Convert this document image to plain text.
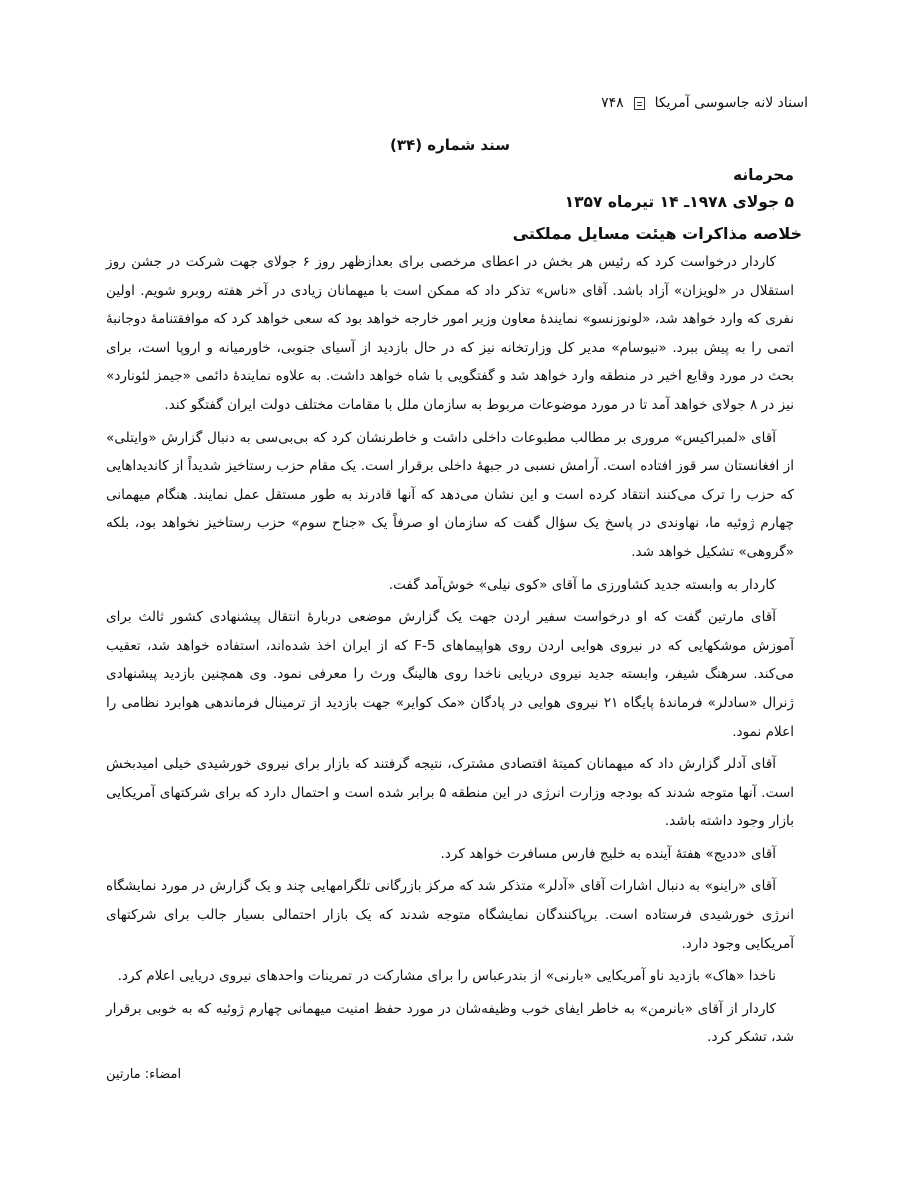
اسناد لانه جاسوسی آمریکا
۷۴۸
سند شماره (۳۴)
محرمانه
۵ جولای ۱۹۷۸ـ ۱۴ تیرماه ۱۳۵۷
خلاصه مذاکرات هیئت مسایل مملکتی

کاردار درخواست کرد که رئیس هر بخش در اعطای مرخصی برای بعدازظهر روز ۶ جولای جهت شرکت در جشن روز استقلال در «لویزان» آزاد باشد. آقای «ناس» تذکر داد که ممکن است با میهمانان زیادی در آخر هفته روبرو شویم. اولین نفری که وارد خواهد شد، «لونوزنسو» نمایندهٔ معاون وزیر امور خارجه خواهد بود که سعی خواهد کرد که موافقتنامهٔ دوجانبهٔ اتمی را به پیش ببرد. «نیوسام» مدیر کل وزارتخانه نیز که در حال بازدید از آسیای جنوبی، خاورمیانه و اروپا است، برای بحث در مورد وقایع اخیر در منطقه وارد خواهد شد و گفتگویی با شاه خواهد داشت. به علاوه نمایندهٔ دائمی «جیمز لئونارد» نیز در ۸ جولای خواهد آمد تا در مورد موضوعات مربوط به سازمان ملل با مقامات مختلف دولت ایران گفتگو کند.

آقای «لمبراکیس» مروری بر مطالب مطبوعات داخلی داشت و خاطرنشان کرد که بی‌بی‌سی به دنبال گزارش «وایتلی» از افغانستان سر قوز افتاده است. آرامش نسبی در جبههٔ داخلی برقرار است. یک مقام حزب رستاخیز شدیداً از کاندیداهایی که حزب را ترک می‌کنند انتقاد کرده است و این نشان می‌دهد که آنها قادرند به طور مستقل عمل نمایند. هنگام میهمانی چهارم ژوئیه ما، نهاوندی در پاسخ یک سؤال گفت که سازمان او صرفاً یک «جناح سوم» حزب رستاخیز نخواهد بود، بلکه «گروهی» تشکیل خواهد شد.

کاردار به وابسته جدید کشاورزی ما آقای «کوی نیلی» خوش‌آمد گفت.

آقای مارتین گفت که او درخواست سفیر اردن جهت یک گزارش موضعی دربارهٔ انتقال پیشنهادی کشور ثالث برای آموزش موشکهایی که در نیروی هوایی اردن روی هواپیماهای F-5 که از ایران اخذ شده‌اند، استفاده خواهد شد، تعقیب می‌کند. سرهنگ شیفر، وابسته جدید نیروی دریایی ناخدا روی هالینگ ورث را معرفی نمود. وی همچنین بازدید پیشنهادی ژنرال «سادلر» فرماندهٔ پایگاه ۲۱ نیروی هوایی در پادگان «مک کوایر» جهت بازدید از ترمینال فرماندهی هوابرد نظامی را اعلام نمود.

آقای آدلر گزارش داد که میهمانان کمیتهٔ اقتصادی مشترک، نتیجه گرفتند که بازار برای نیروی خورشیدی خیلی امیدبخش است. آنها متوجه شدند که بودجه وزارت انرژی در این منطقه ۵ برابر شده است و احتمال دارد که برای شرکتهای آمریکایی بازار وجود داشته باشد.

آقای «ددیج» هفتهٔ آینده به خلیج فارس مسافرت خواهد کرد.

آقای «راینو» به دنبال اشارات آقای «آدلر» متذکر شد که مرکز بازرگانی تلگرامهایی چند و یک گزارش در مورد نمایشگاه انرژی خورشیدی فرستاده است. برپاکنندگان نمایشگاه متوجه شدند که یک بازار احتمالی بسیار جالب برای شرکتهای آمریکایی وجود دارد.

ناخدا «هاک» بازدید ناو آمریکایی «بارنی» از بندرعباس را برای مشارکت در تمرینات واحدهای نیروی دریایی اعلام کرد.

کاردار از آقای «بانرمن» به خاطر ایفای خوب وظیفه‌شان در مورد حفظ امنیت میهمانی چهارم ژوئیه که به خوبی برقرار شد، تشکر کرد.

امضاء: مارتین
